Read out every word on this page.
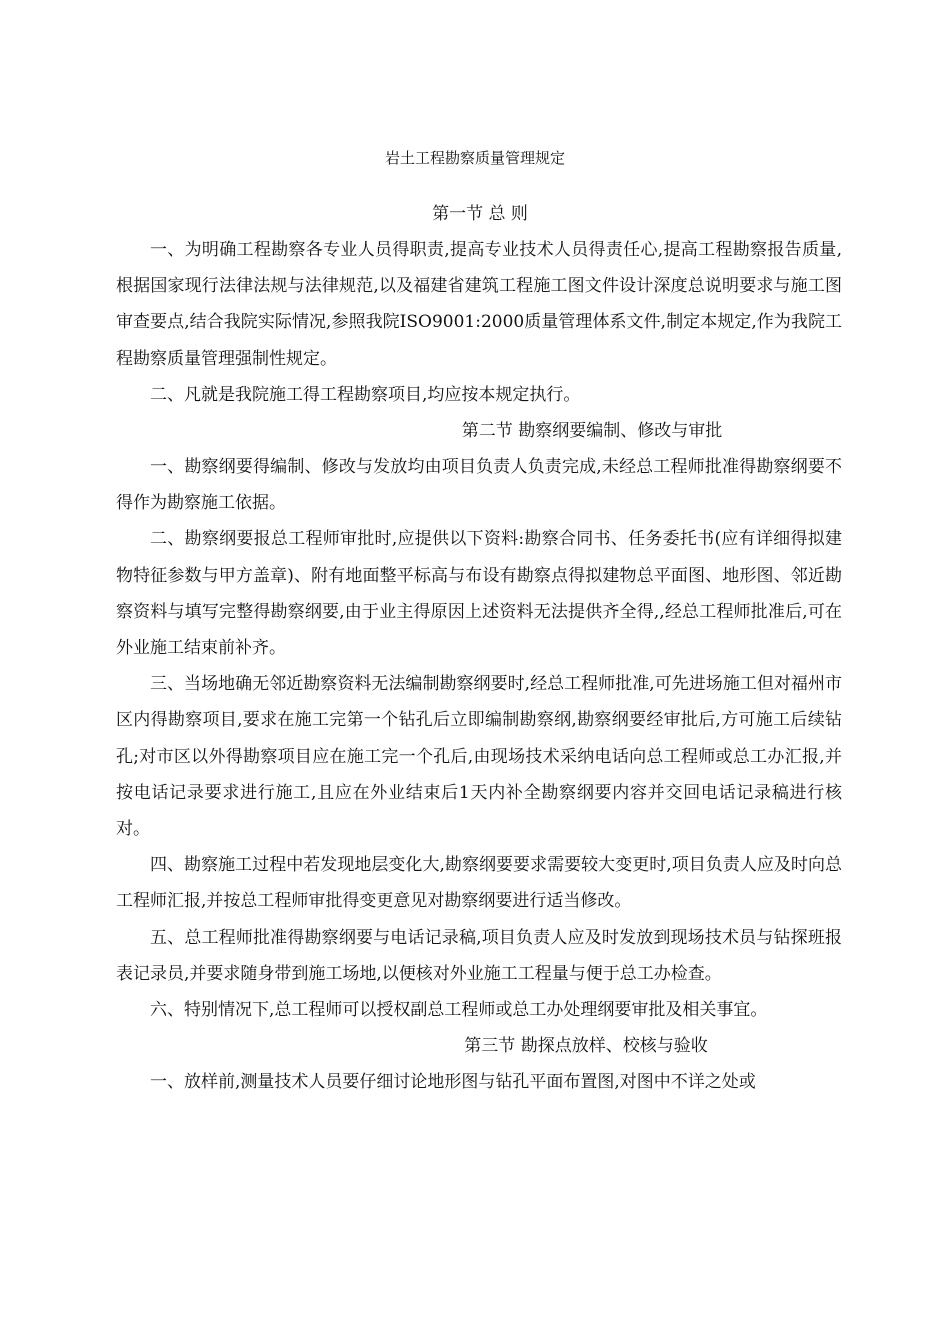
岩土工程勘察质量管理规定
第一节 总 则

一、为明确工程勘察各专业人员得职责,提高专业技术人员得责任心,提高工程勘察报告质量,根据国家现行法律法规与法律规范,以及福建省建筑工程施工图文件设计深度总说明要求与施工图审查要点,结合我院实际情况,参照我院ISO9001:2000质量管理体系文件,制定本规定,作为我院工程勘察质量管理强制性规定。

二、凡就是我院施工得工程勘察项目,均应按本规定执行。

第二节 勘察纲要编制、修改与审批

一、勘察纲要得编制、修改与发放均由项目负责人负责完成,未经总工程师批准得勘察纲要不得作为勘察施工依据。

二、勘察纲要报总工程师审批时,应提供以下资料:勘察合同书、任务委托书(应有详细得拟建物特征参数与甲方盖章)、附有地面整平标高与布设有勘察点得拟建物总平面图、地形图、邻近勘察资料与填写完整得勘察纲要,由于业主得原因上述资料无法提供齐全得,,经总工程师批准后,可在外业施工结束前补齐。

三、当场地确无邻近勘察资料无法编制勘察纲要时,经总工程师批准,可先进场施工但对福州市区内得勘察项目,要求在施工完第一个钻孔后立即编制勘察纲,勘察纲要经审批后,方可施工后续钻孔;对市区以外得勘察项目应在施工完一个孔后,由现场技术采纳电话向总工程师或总工办汇报,并按电话记录要求进行施工,且应在外业结束后1天内补全勘察纲要内容并交回电话记录稿进行核对。

四、勘察施工过程中若发现地层变化大,勘察纲要要求需要较大变更时,项目负责人应及时向总工程师汇报,并按总工程师审批得变更意见对勘察纲要进行适当修改。

五、总工程师批准得勘察纲要与电话记录稿,项目负责人应及时发放到现场技术员与钻探班报表记录员,并要求随身带到施工场地,以便核对外业施工工程量与便于总工办检查。

六、特别情况下,总工程师可以授权副总工程师或总工办处理纲要审批及相关事宜。

第三节 勘探点放样、校核与验收

一、放样前,测量技术人员要仔细讨论地形图与钻孔平面布置图,对图中不详之处或
